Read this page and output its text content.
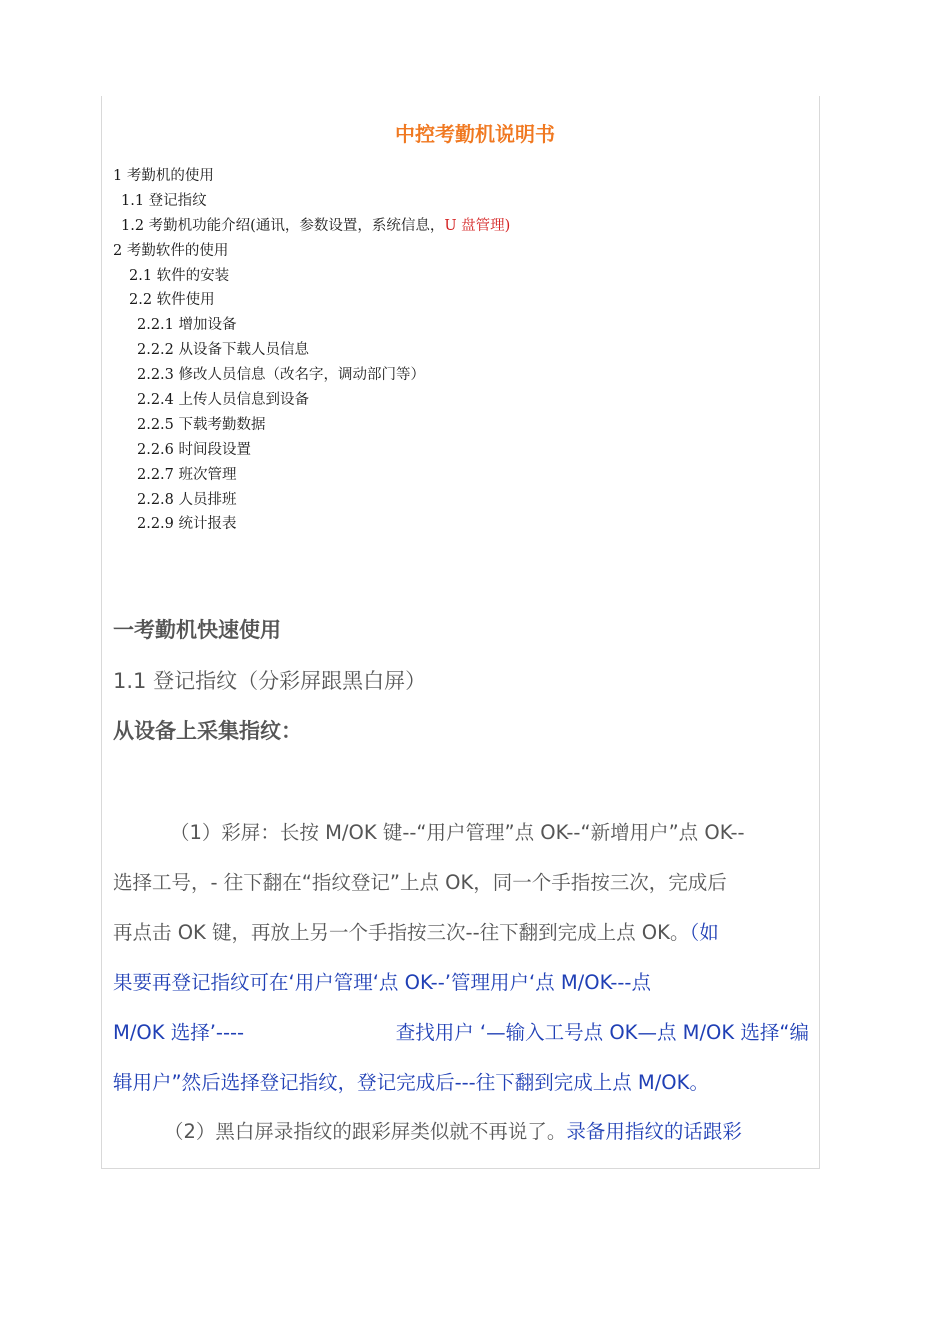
中控考勤机说明书
1 考勤机的使用
1.1 登记指纹
1.2 考勤机功能介绍(通讯，参数设置，系统信息，U 盘管理)
2 考勤软件的使用
2.1 软件的安装
2.2 软件使用
2.2.1 增加设备
2.2.2 从设备下载人员信息
2.2.3 修改人员信息（改名字，调动部门等）
2.2.4 上传人员信息到设备
2.2.5 下载考勤数据
2.2.6 时间段设置
2.2.7 班次管理
2.2.8 人员排班
2.2.9 统计报表
一考勤机快速使用
1.1 登记指纹（分彩屏跟黑白屏）
从设备上采集指纹：
（1）彩屏：长按 M/OK 键--“用户管理”点 OK--“新增用户”点 OK--
选择工号，- 往下翻在“指纹登记”上点 OK，同一个手指按三次，完成后
再点击 OK 键，再放上另一个手指按三次--往下翻到完成上点 OK。（如
果要再登记指纹可在‘用户管理‘点 OK--’管理用户‘点 M/OK---点
M/OK 选择’----	查找用户 ‘—输入工号点 OK—点 M/OK 选择“编
辑用户”然后选择登记指纹，登记完成后---往下翻到完成上点 M/OK。
（2）黑白屏录指纹的跟彩屏类似就不再说了。录备用指纹的话跟彩
